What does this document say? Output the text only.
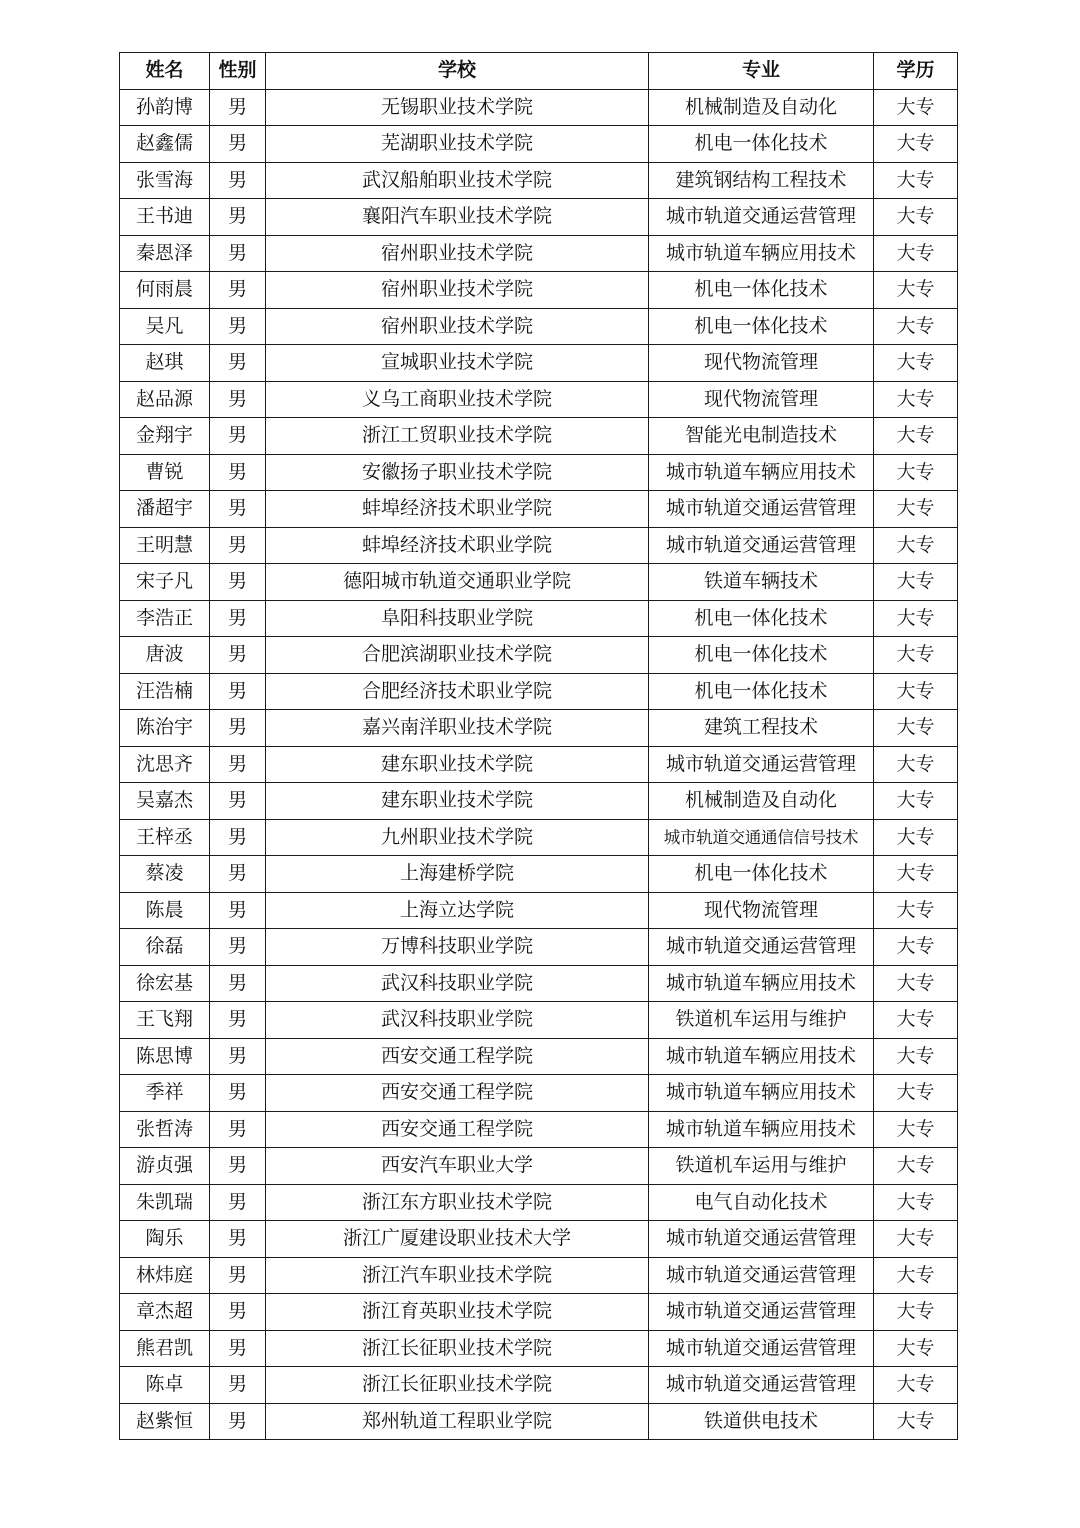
姓名	性别	学校	专业	学历
孙韵博	男	无锡职业技术学院	机械制造及自动化	大专
赵鑫儒	男	芜湖职业技术学院	机电一体化技术	大专
张雪海	男	武汉船舶职业技术学院	建筑钢结构工程技术	大专
王书迪	男	襄阳汽车职业技术学院	城市轨道交通运营管理	大专
秦恩泽	男	宿州职业技术学院	城市轨道车辆应用技术	大专
何雨晨	男	宿州职业技术学院	机电一体化技术	大专
吴凡	男	宿州职业技术学院	机电一体化技术	大专
赵琪	男	宣城职业技术学院	现代物流管理	大专
赵品源	男	义乌工商职业技术学院	现代物流管理	大专
金翔宇	男	浙江工贸职业技术学院	智能光电制造技术	大专
曹锐	男	安徽扬子职业技术学院	城市轨道车辆应用技术	大专
潘超宇	男	蚌埠经济技术职业学院	城市轨道交通运营管理	大专
王明慧	男	蚌埠经济技术职业学院	城市轨道交通运营管理	大专
宋子凡	男	德阳城市轨道交通职业学院	铁道车辆技术	大专
李浩正	男	阜阳科技职业学院	机电一体化技术	大专
唐波	男	合肥滨湖职业技术学院	机电一体化技术	大专
汪浩楠	男	合肥经济技术职业学院	机电一体化技术	大专
陈治宇	男	嘉兴南洋职业技术学院	建筑工程技术	大专
沈思齐	男	建东职业技术学院	城市轨道交通运营管理	大专
吴嘉杰	男	建东职业技术学院	机械制造及自动化	大专
王梓丞	男	九州职业技术学院	城市轨道交通通信信号技术	大专
蔡凌	男	上海建桥学院	机电一体化技术	大专
陈晨	男	上海立达学院	现代物流管理	大专
徐磊	男	万博科技职业学院	城市轨道交通运营管理	大专
徐宏基	男	武汉科技职业学院	城市轨道车辆应用技术	大专
王飞翔	男	武汉科技职业学院	铁道机车运用与维护	大专
陈思博	男	西安交通工程学院	城市轨道车辆应用技术	大专
季祥	男	西安交通工程学院	城市轨道车辆应用技术	大专
张哲涛	男	西安交通工程学院	城市轨道车辆应用技术	大专
游贞强	男	西安汽车职业大学	铁道机车运用与维护	大专
朱凯瑞	男	浙江东方职业技术学院	电气自动化技术	大专
陶乐	男	浙江广厦建设职业技术大学	城市轨道交通运营管理	大专
林炜庭	男	浙江汽车职业技术学院	城市轨道交通运营管理	大专
章杰超	男	浙江育英职业技术学院	城市轨道交通运营管理	大专
熊君凯	男	浙江长征职业技术学院	城市轨道交通运营管理	大专
陈卓	男	浙江长征职业技术学院	城市轨道交通运营管理	大专
赵紫恒	男	郑州轨道工程职业学院	铁道供电技术	大专
